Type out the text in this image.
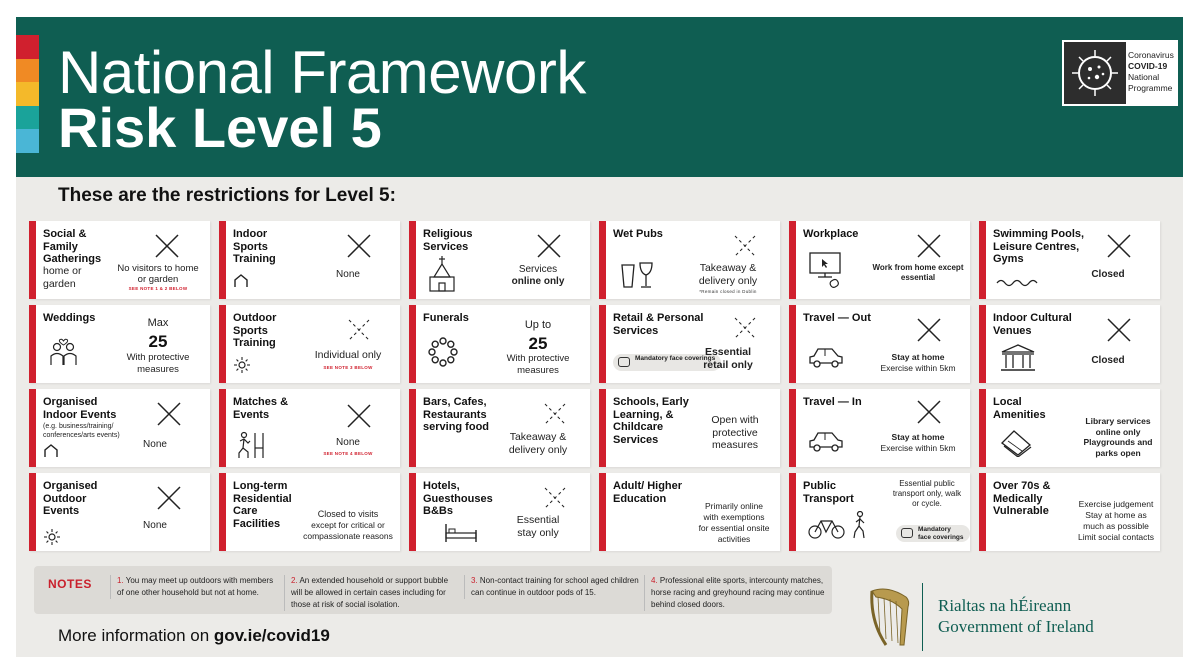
National Framework
Risk Level 5
Coronavirus
COVID-19
National
Programme
These are the restrictions for Level 5:
Social & Family Gatherings
home or garden
No visitors to home or garden
SEE NOTE 1 & 2 BELOW
Indoor Sports Training
None
Religious Services
Services
online only
Wet Pubs
Takeaway & delivery only
*Remain closed in Dublin
Workplace
Work from home except essential
Swimming Pools, Leisure Centres, Gyms
Closed
Weddings	Max
25
With protective measures
Outdoor Sports Training
Individual only
SEE NOTE 3 BELOW
Funerals
Up to
25
With protective measures
Retail & Personal Services
Mandatory face coverings
Essential
retail only
Travel — Out
Stay at home
Exercise within 5km
Indoor Cultural Venues
Closed
Organised Indoor Events
(e.g. business/training/ conferences/arts events)
None
Matches & Events
None
SEE NOTE 4 BELOW
Bars, Cafes, Restaurants serving food
Takeaway & delivery only
Schools, Early Learning, & Childcare Services
Open with protective measures
Travel — In
Stay at home
Exercise within 5km
Local Amenities
Library services online only
Playgrounds and parks open
Organised Outdoor Events
None
Long-term Residential Care Facilities
Closed to visits
except for critical or compassionate reasons
Hotels, Guesthouses B&Bs
Essential stay only
Adult/ Higher Education
Primarily online with exemptions for essential onsite activities
Public Transport
Essential public transport only, walk or cycle.
Mandatory face coverings
Over 70s & Medically Vulnerable
Exercise judgement Stay at home as much as possible Limit social contacts
NOTES	1. You may meet up outdoors with members of one other household but not at home.
2. An extended household or support bubble will be allowed in certain cases including for those at risk of social isolation.
3. Non-contact training for school aged children can continue in outdoor pods of 15.
4. Professional elite sports, intercounty matches, horse racing and greyhound racing may continue behind closed doors.
More information on gov.ie/covid19
Rialtas na hÉireann
Government of Ireland
